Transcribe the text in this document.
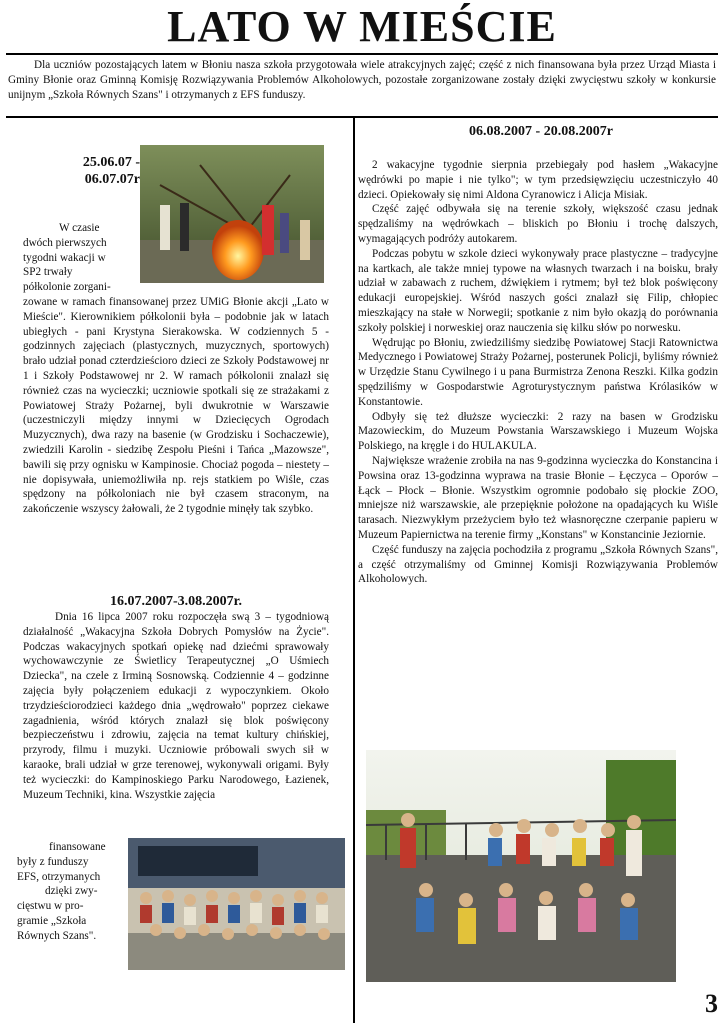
LATO W MIEŚCIE
Dla uczniów pozostających latem w Błoniu nasza szkoła przygotowała wiele atrakcyjnych zajęć; część z nich finansowana była przez Urząd Miasta i Gminy Błonie oraz Gminną Komisję Rozwiązywania Problemów Alkoholowych, pozostałe zorganizowane zostały dzięki zwycięstwu szkoły w konkursie unijnym „Szkoła Równych Szans" i otrzymanych z EFS funduszy.
25.06.07 - 06.07.07r

W czasie

dwóch pierwszych

tygodni wakacji w

SP2 trwały

półkolonie zorgani-

zowane w ramach finansowanej przez UMiG Błonie akcji „Lato w Mieście". Kierownikiem półkolonii była – podobnie jak w latach ubiegłych - pani Krystyna Sierakowska. W codziennych 5 - godzinnych zajęciach (plastycznych, muzycznych, sportowych) brało udział ponad czterdzieścioro dzieci ze Szkoły Podstawowej nr 1 i Szkoły Podstawowej nr 2. W ramach półkolonii znalazł się również czas na wycieczki; uczniowie spotkali się ze strażakami z Powiatowej Straży Pożarnej, byli dwukrotnie w Warszawie (uczestniczyli między innymi w Dziecięcych Ogrodach Muzycznych), dwa razy na basenie (w Grodzisku i Sochaczewie), zwiedzili Karolin - siedzibę Zespołu Pieśni i Tańca „Mazowsze", bawili się przy ognisku w Kampinosie. Chociaż pogoda – niestety – nie dopisywała, uniemożliwiła np. rejs statkiem po Wiśle, czas spędzony na półkoloniach nie był czasem straconym, na zakończenie wszyscy żałowali, że 2 tygodnie minęły tak szybko.
16.07.2007-3.08.2007r.

Dnia 16 lipca 2007 roku rozpoczęła swą 3 – tygodniową działalność „Wakacyjna Szkoła Dobrych Pomysłów na Życie". Podczas wakacyjnych spotkań opiekę nad dziećmi sprawowały wychowawczynie ze Świetlicy Terapeutycznej „O Uśmiech Dziecka", na czele z Irminą Sosnowską. Codziennie 4 – godzinne zajęcia były połączeniem edukacji z wypoczynkiem. Około trzydzieściorodzieci każdego dnia „wędrowało" poprzez ciekawe zagadnienia, wśród których znalazł się blok poświęcony bezpieczeństwu i zdrowiu, zajęcia na temat kultury chińskiej, przyrody, filmu i muzyki. Uczniowie próbowali swych sił w karaoke, brali udział w grze terenowej, wykonywali origami. Były też wycieczki: do Kampinoskiego Parku Narodowego, Łazienek, Muzeum Techniki, kina. Wszystkie zajęcia

finansowane

były z funduszy

EFS, otrzymanych

dzięki zwy-

cięstwu w pro-

gramie „Szkoła

Równych Szans".

06.08.2007 - 20.08.2007r

2 wakacyjne tygodnie sierpnia przebiegały pod hasłem „Wakacyjne wędrówki po mapie i nie tylko"; w tym przedsięwzięciu uczestniczyło 40 dzieci. Opiekowały się nimi Aldona Cyranowicz i Alicja Misiak.

Część zajęć odbywała się na terenie szkoły, większość czasu jednak spędzaliśmy na wędrówkach – bliskich po Błoniu i trochę dalszych, wymagających podróży autokarem.

Podczas pobytu w szkole dzieci wykonywały prace plastyczne – tradycyjne na kartkach, ale także mniej typowe na własnych twarzach i na boisku, brały udział w zabawach z ruchem, dźwiękiem i rytmem; był też blok poświęcony edukacji europejskiej. Wśród naszych gości znalazł się Filip, chłopiec mieszkający na stałe w Norwegii; spotkanie z nim było okazją do porównania szkoły polskiej i norweskiej oraz nauczenia się kilku słów po norwesku.

Wędrując po Błoniu, zwiedziliśmy siedzibę Powiatowej Stacji Ratownictwa Medycznego i Powiatowej Straży Pożarnej, posterunek Policji, byliśmy również w Urzędzie Stanu Cywilnego i u pana Burmistrza Zenona Reszki. Kilka godzin spędziliśmy w Gospodarstwie Agroturystycznym państwa Królasików w Konstantowie.

Odbyły się też dłuższe wycieczki: 2 razy na basen w Grodzisku Mazowieckim, do Muzeum Powstania Warszawskiego i Muzeum Wojska Polskiego, na kręgle i do HULAKULA.

Największe wrażenie zrobiła na nas 9-godzinna wycieczka do Konstancina i Powsina oraz 13-godzinna wyprawa na trasie Błonie – Łęczyca – Oporów – Łąck – Płock – Błonie. Wszystkim ogromnie podobało się płockie ZOO, mniejsze niż warszawskie, ale przepięknie położone na opadających ku Wiśle tarasach. Niezwykłym przeżyciem było też własnoręczne czerpanie papieru w Muzeum Papiernictwa na terenie firmy „Konstans" w Konstancinie Jeziornie.

Część funduszy na zajęcia pochodziła z programu „Szkoła Równych Szans", a część otrzymaliśmy od Gminnej Komisji Rozwiązywania Problemów Alkoholowych.

3
